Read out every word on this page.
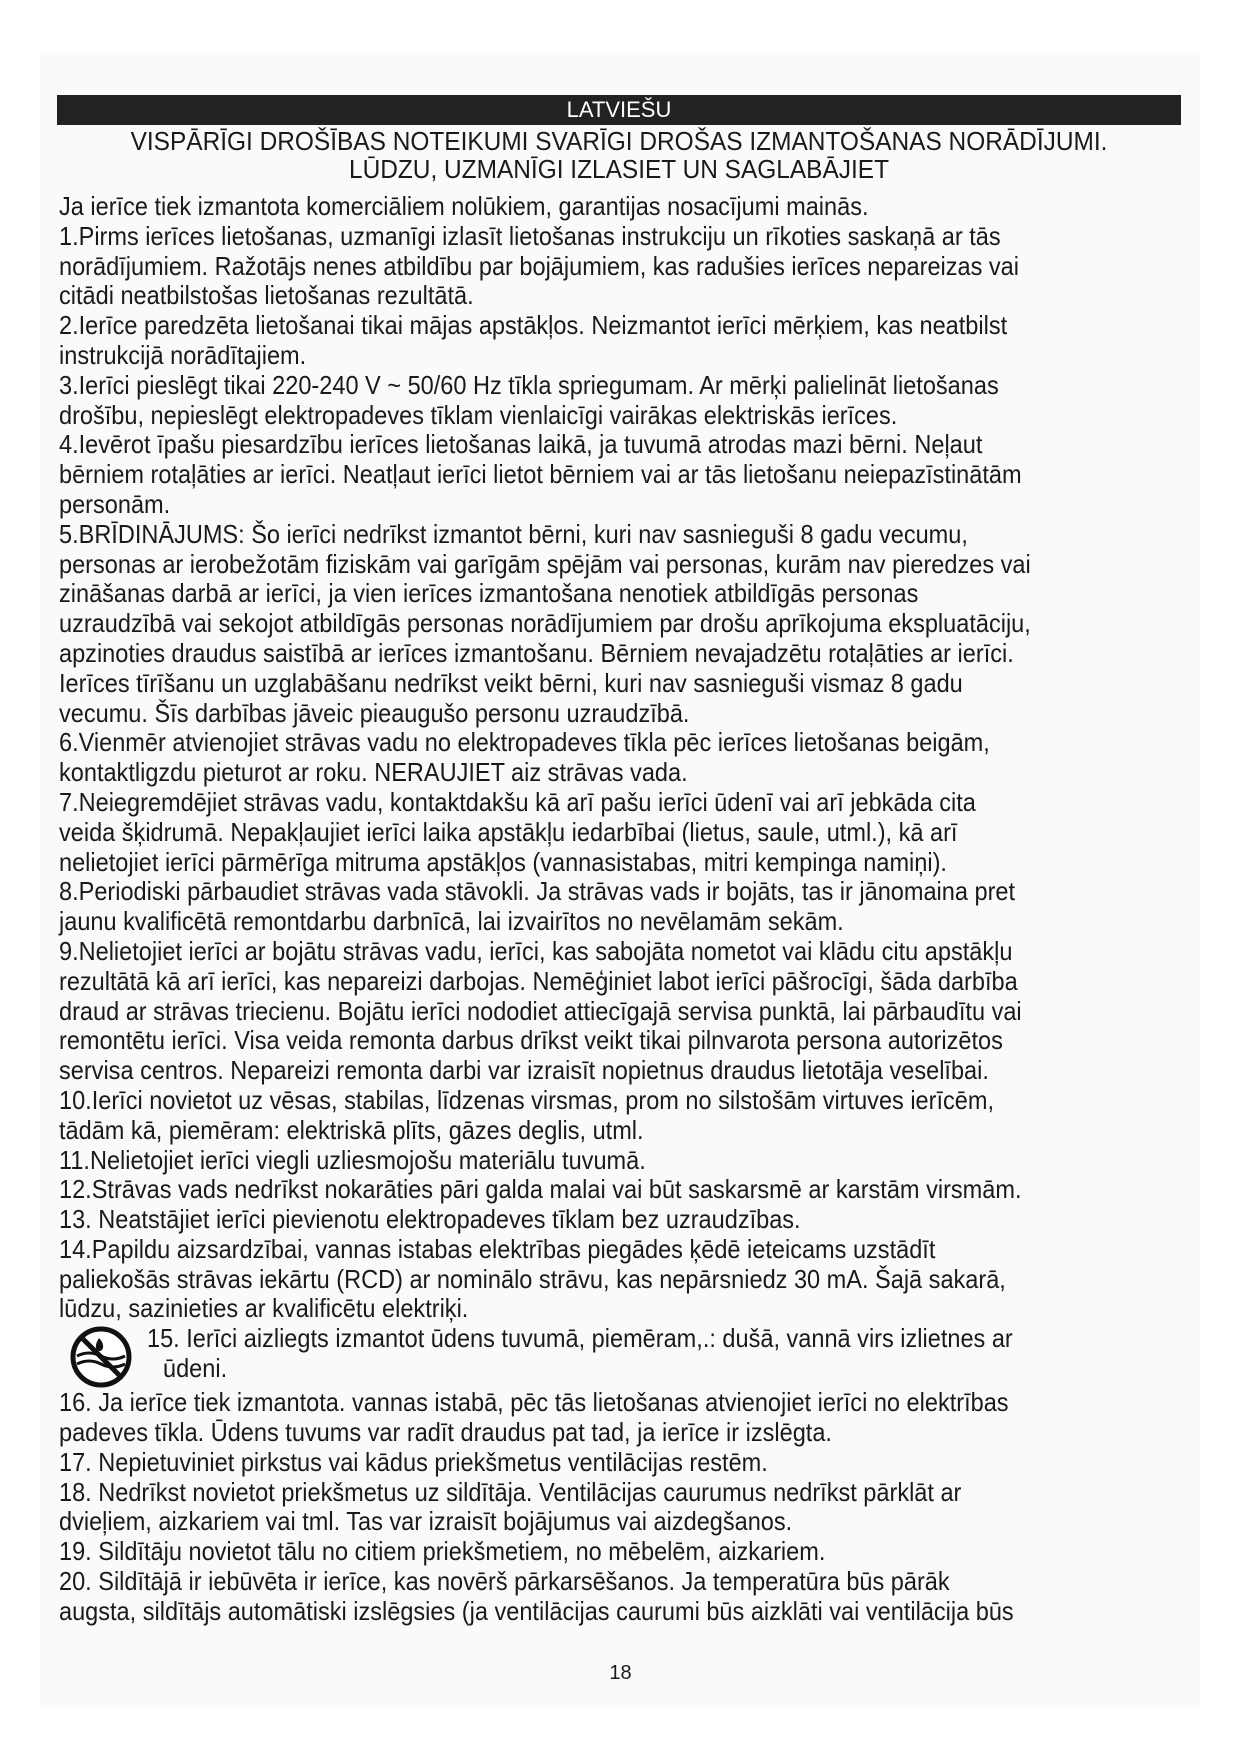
LATVIEŠU
VISPĀRĪGI DROŠĪBAS NOTEIKUMI SVARĪGI DROŠAS IZMANTOŠANAS NORĀDĪJUMI.
LŪDZU, UZMANĪGI IZLASIET UN SAGLABĀJIET

Ja ierīce tiek izmantota komerciāliem nolūkiem, garantijas nosacījumi mainās.

1.Pirms ierīces lietošanas, uzmanīgi izlasīt lietošanas instrukciju un rīkoties saskaņā ar tās

norādījumiem. Ražotājs nenes atbildību par bojājumiem, kas radušies ierīces nepareizas vai

citādi neatbilstošas lietošanas rezultātā.

2.Ierīce paredzēta lietošanai tikai mājas apstākļos. Neizmantot ierīci mērķiem, kas neatbilst

instrukcijā norādītajiem.

3.Ierīci pieslēgt tikai 220-240 V ~ 50/60 Hz tīkla spriegumam. Ar mērķi palielināt lietošanas

drošību, nepieslēgt elektropadeves tīklam vienlaicīgi vairākas elektriskās ierīces.

4.Ievērot īpašu piesardzību ierīces lietošanas laikā, ja tuvumā atrodas mazi bērni. Neļaut

bērniem rotaļāties ar ierīci. Neatļaut ierīci lietot bērniem vai ar tās lietošanu neiepazīstinātām

personām.

5.BRĪDINĀJUMS: Šo ierīci nedrīkst izmantot bērni, kuri nav sasnieguši 8 gadu vecumu,

personas ar ierobežotām fiziskām vai garīgām spējām vai personas, kurām nav pieredzes vai

zināšanas darbā ar ierīci, ja vien ierīces izmantošana nenotiek atbildīgās personas

uzraudzībā vai sekojot atbildīgās personas norādījumiem par drošu aprīkojuma ekspluatāciju,

apzinoties draudus saistībā ar ierīces izmantošanu. Bērniem nevajadzētu rotaļāties ar ierīci.

Ierīces tīrīšanu un uzglabāšanu nedrīkst veikt bērni, kuri nav sasnieguši vismaz 8 gadu

vecumu. Šīs darbības jāveic pieaugušo personu uzraudzībā.

6.Vienmēr atvienojiet strāvas vadu no elektropadeves tīkla pēc ierīces lietošanas beigām,

kontaktligzdu pieturot ar roku. NERAUJIET aiz strāvas vada.

7.Neiegremdējiet strāvas vadu, kontaktdakšu kā arī pašu ierīci ūdenī vai arī jebkāda cita

veida šķidrumā. Nepakļaujiet ierīci laika apstākļu iedarbībai (lietus, saule, utml.), kā arī

nelietojiet ierīci pārmērīga mitruma apstākļos (vannasistabas, mitri kempinga namiņi).

8.Periodiski pārbaudiet strāvas vada stāvokli. Ja strāvas vads ir bojāts, tas ir jānomaina pret

jaunu kvalificētā remontdarbu darbnīcā, lai izvairītos no nevēlamām sekām.

9.Nelietojiet ierīci ar bojātu strāvas vadu, ierīci, kas sabojāta nometot vai klādu citu apstākļu

rezultātā kā arī ierīci, kas nepareizi darbojas. Nemēģiniet labot ierīci pāšrocīgi, šāda darbība

draud ar strāvas triecienu. Bojātu ierīci nododiet attiecīgajā servisa punktā, lai pārbaudītu vai

remontētu ierīci. Visa veida remonta darbus drīkst veikt tikai pilnvarota persona autorizētos

servisa centros. Nepareizi remonta darbi var izraisīt nopietnus draudus lietotāja veselībai.

10.Ierīci novietot uz vēsas, stabilas, līdzenas virsmas, prom no silstošām virtuves ierīcēm,

tādām kā, piemēram: elektriskā plīts, gāzes deglis, utml.

11.Nelietojiet ierīci viegli uzliesmojošu materiālu tuvumā.

12.Strāvas vads nedrīkst nokarāties pāri galda malai vai būt saskarsmē ar karstām virsmām.

13. Neatstājiet ierīci pievienotu elektropadeves tīklam bez uzraudzības.

14.Papildu aizsardzībai, vannas istabas elektrības piegādes ķēdē ieteicams uzstādīt

paliekošās strāvas iekārtu (RCD) ar nominālo strāvu, kas nepārsniedz 30 mA. Šajā sakarā,

lūdzu, sazinieties ar kvalificētu elektriķi.

15. Ierīci aizliegts izmantot ūdens tuvumā, piemēram,.: dušā, vannā virs izlietnes ar

ūdeni.

16. Ja ierīce tiek izmantota. vannas istabā, pēc tās lietošanas atvienojiet ierīci no elektrības

padeves tīkla. Ūdens tuvums var radīt draudus pat tad, ja ierīce ir izslēgta.

17. Nepietuviniet pirkstus vai kādus priekšmetus ventilācijas restēm.

18. Nedrīkst novietot priekšmetus uz sildītāja. Ventilācijas caurumus nedrīkst pārklāt ar

dvieļiem, aizkariem vai tml. Tas var izraisīt bojājumus vai aizdegšanos.

19. Sildītāju novietot tālu no citiem priekšmetiem, no mēbelēm, aizkariem.

20. Sildītājā ir iebūvēta ir ierīce, kas novērš pārkarsēšanos. Ja temperatūra būs pārāk

augsta, sildītājs automātiski izslēgsies (ja ventilācijas caurumi būs aizklāti vai ventilācija būs

18
